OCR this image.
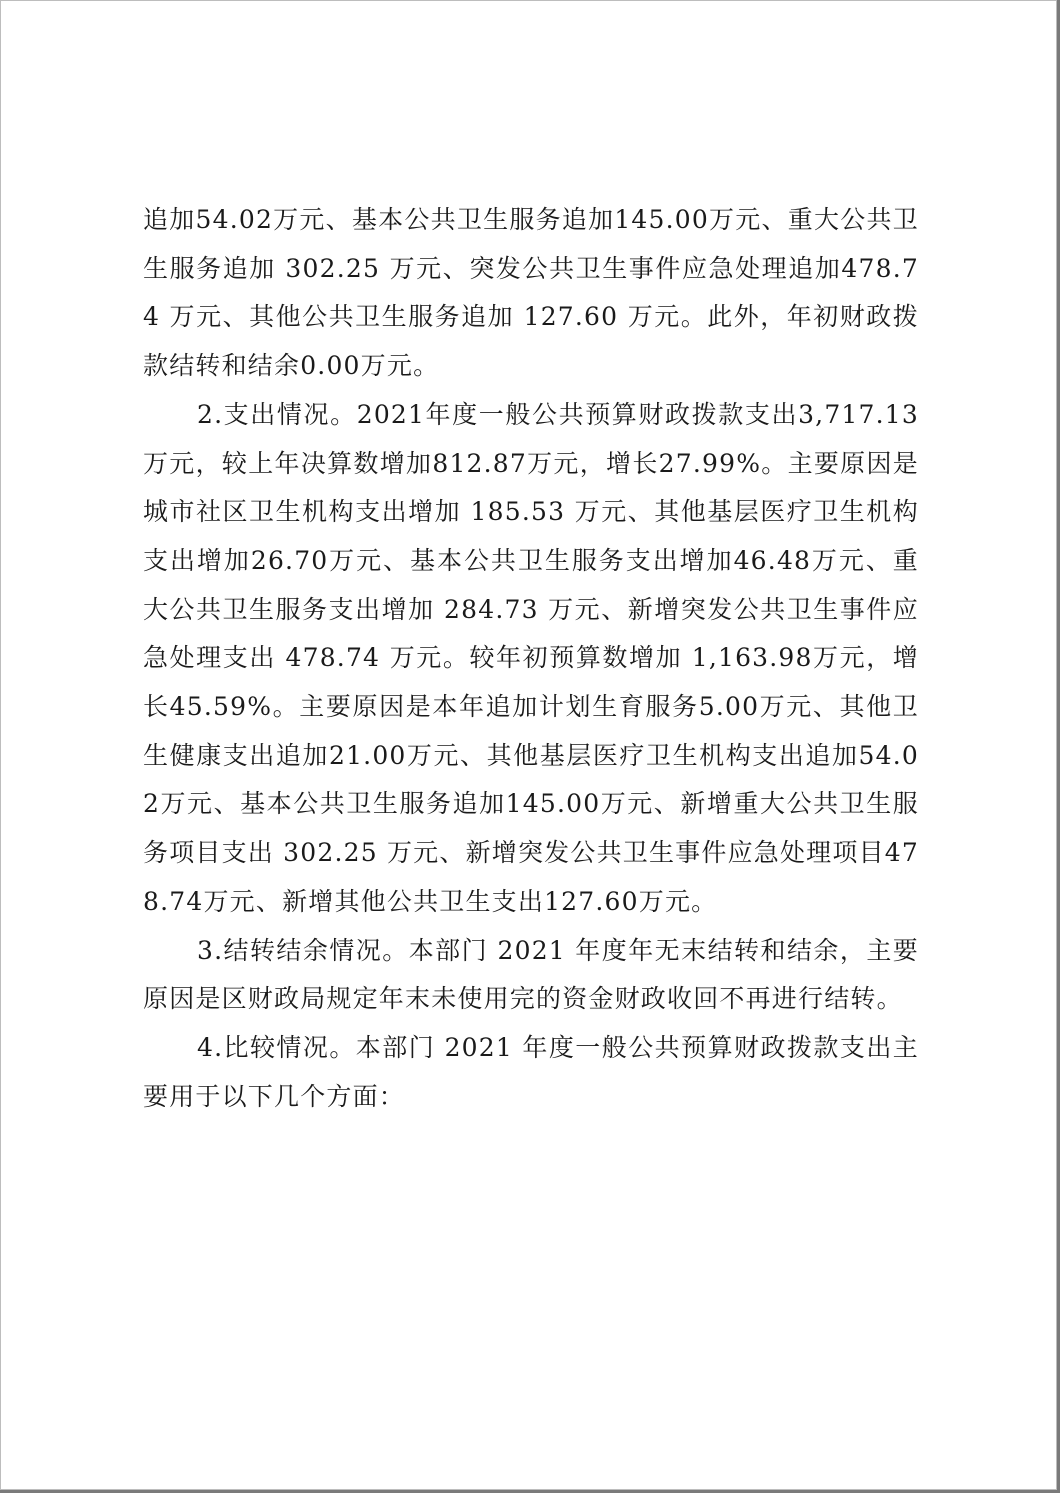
追加54.02万元、基本公共卫生服务追加145.00万元、重大公共卫生服务追加 302.25 万元、突发公共卫生事件应急处理追加478.74 万元、其他公共卫生服务追加 127.60 万元。此外，年初财政拨款结转和结余0.00万元。

2.支出情况。2021年度一般公共预算财政拨款支出3,717.13万元，较上年决算数增加812.87万元，增长27.99%。主要原因是城市社区卫生机构支出增加 185.53 万元、其他基层医疗卫生机构支出增加26.70万元、基本公共卫生服务支出增加46.48万元、重大公共卫生服务支出增加 284.73 万元、新增突发公共卫生事件应急处理支出 478.74 万元。较年初预算数增加 1,163.98万元，增长45.59%。主要原因是本年追加计划生育服务5.00万元、其他卫生健康支出追加21.00万元、其他基层医疗卫生机构支出追加54.02万元、基本公共卫生服务追加145.00万元、新增重大公共卫生服务项目支出 302.25 万元、新增突发公共卫生事件应急处理项目478.74万元、新增其他公共卫生支出127.60万元。

3.结转结余情况。本部门 2021 年度年无末结转和结余，主要原因是区财政局规定年末未使用完的资金财政收回不再进行结转。

4.比较情况。本部门 2021 年度一般公共预算财政拨款支出主要用于以下几个方面：
